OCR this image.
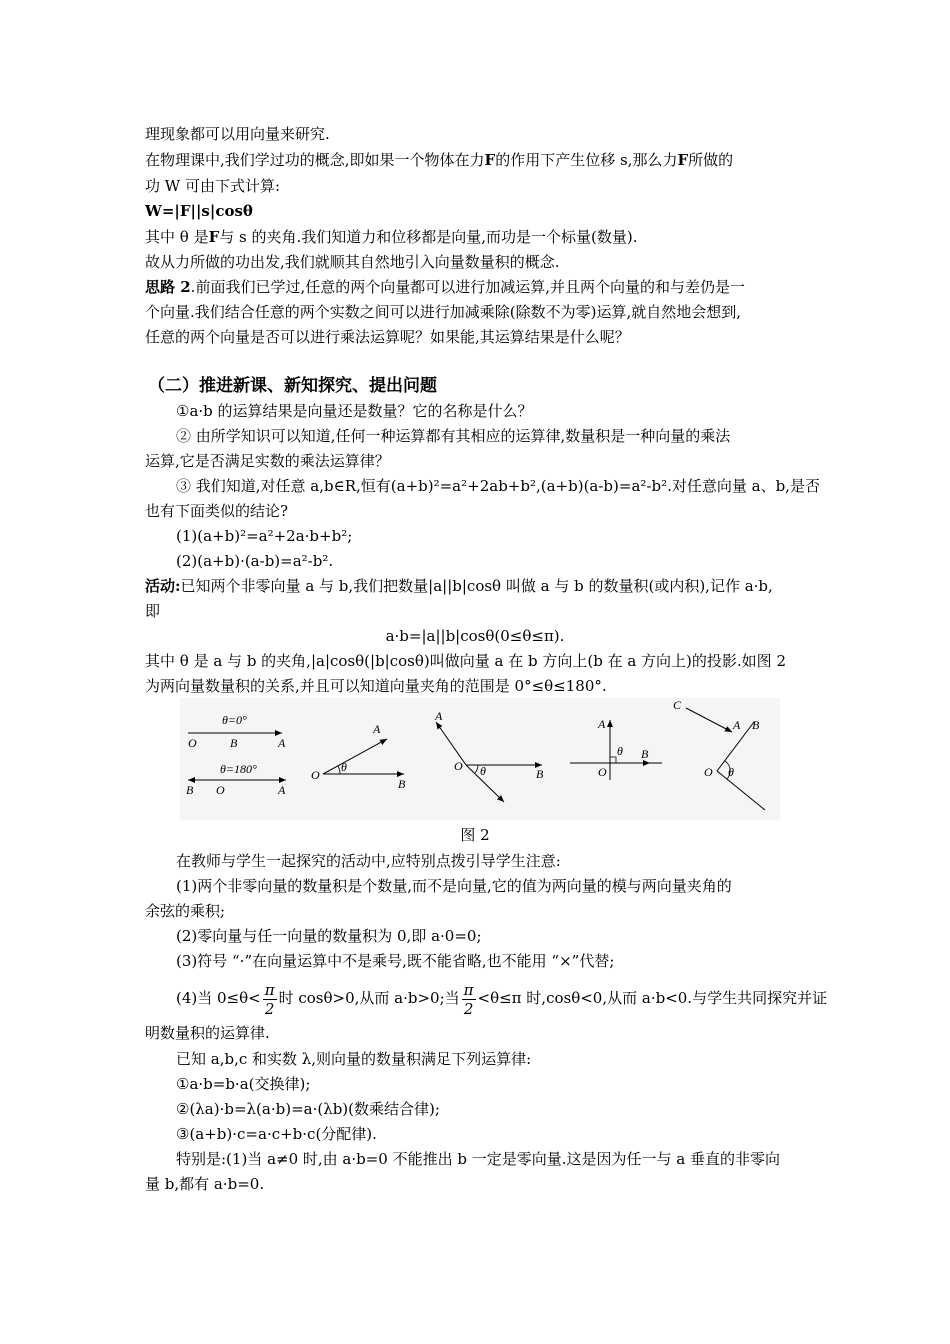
理现象都可以用向量来研究.
在物理课中,我们学过功的概念,即如果一个物体在力F的作用下产生位移 s,那么力F所做的
功 W 可由下式计算:
W=|F||s|cosθ
其中 θ 是F与 s 的夹角.我们知道力和位移都是向量,而功是一个标量(数量).
故从力所做的功出发,我们就顺其自然地引入向量数量积的概念.
思路 2.前面我们已学过,任意的两个向量都可以进行加减运算,并且两个向量的和与差仍是一
个向量.我们结合任意的两个实数之间可以进行加减乘除(除数不为零)运算,就自然地会想到,
任意的两个向量是否可以进行乘法运算呢？如果能,其运算结果是什么呢？
（二）推进新课、新知探究、提出问题
①a·b 的运算结果是向量还是数量？它的名称是什么？
② 由所学知识可以知道,任何一种运算都有其相应的运算律,数量积是一种向量的乘法
运算,它是否满足实数的乘法运算律？
③ 我们知道,对任意 a,b∈R,恒有(a+b)²=a²+2ab+b²,(a+b)(a-b)=a²-b².对任意向量 a、b,是否
也有下面类似的结论?
(1)(a+b)²=a²+2a·b+b²;
(2)(a+b)·(a-b)=a²-b².
活动:已知两个非零向量 a 与 b,我们把数量|a||b|cosθ 叫做 a 与 b 的数量积(或内积),记作 a·b,
即
a·b=|a||b|cosθ(0≤θ≤π).
其中 θ 是 a 与 b 的夹角,|a|cosθ(|b|cosθ)叫做向量 a 在 b 方向上(b 在 a 方向上)的投影.如图 2
为两向量数量积的关系,并且可以知道向量夹角的范围是 0°≤θ≤180°.
θ=0°
O	B	A
θ=180°
B O	A
O
A
θ
B
A
O θ	B
A
O
θ B
C
A B
O θ
图 2
在教师与学生一起探究的活动中,应特别点拨引导学生注意:
(1)两个非零向量的数量积是个数量,而不是向量,它的值为两向量的模与两向量夹角的
余弦的乘积;
(2)零向量与任一向量的数量积为 0,即 a·0=0;
(3)符号 “·”在向量运算中不是乘号,既不能省略,也不能用 “×”代替;
(4)当 $0\le\theta< \frac{\pi}{2}$ 时 cosθ>0,从而 a·b>0;当 $\frac{\pi}{2} <\theta\le\pi$ 时,cosθ<0,从而 a·b<0.与学生共同探究并证
明数量积的运算律.
已知 a,b,c 和实数 λ,则向量的数量积满足下列运算律:
①a·b=b·a(交换律);
②(λa)·b=λ(a·b)=a·(λb)(数乘结合律);
③(a+b)·c=a·c+b·c(分配律).
特别是:(1)当 a≠0 时,由 a·b=0 不能推出 b 一定是零向量.这是因为任一与 a 垂直的非零向
量 b,都有 a·b=0.
